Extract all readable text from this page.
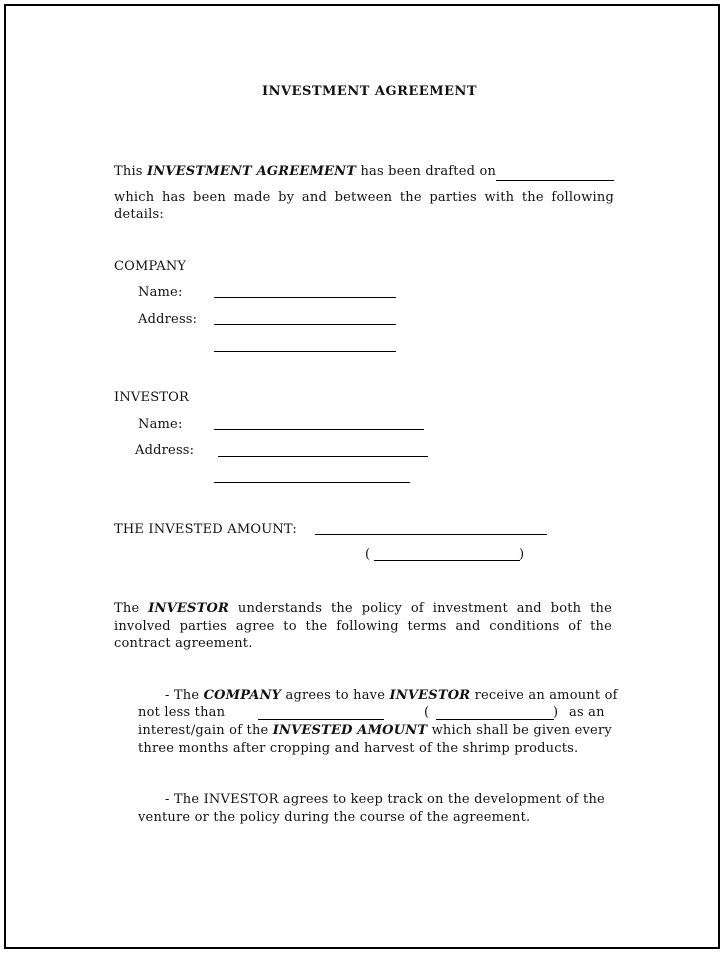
INVESTMENT AGREEMENT
This INVESTMENT AGREEMENT has been drafted on
which has been made by and between the parties with the following
details:
COMPANY
Name:
Address:
INVESTOR
Name:
Address:
THE INVESTED AMOUNT:
(	)
The INVESTOR understands the policy of investment and both the
involved parties agree to the following terms and conditions of the
contract agreement.
- The COMPANY agrees to have INVESTOR receive an amount of
not less than	(	) as an
interest/gain of the INVESTED AMOUNT which shall be given every
three months after cropping and harvest of the shrimp products.
- The INVESTOR agrees to keep track on the development of the
venture or the policy during the course of the agreement.
